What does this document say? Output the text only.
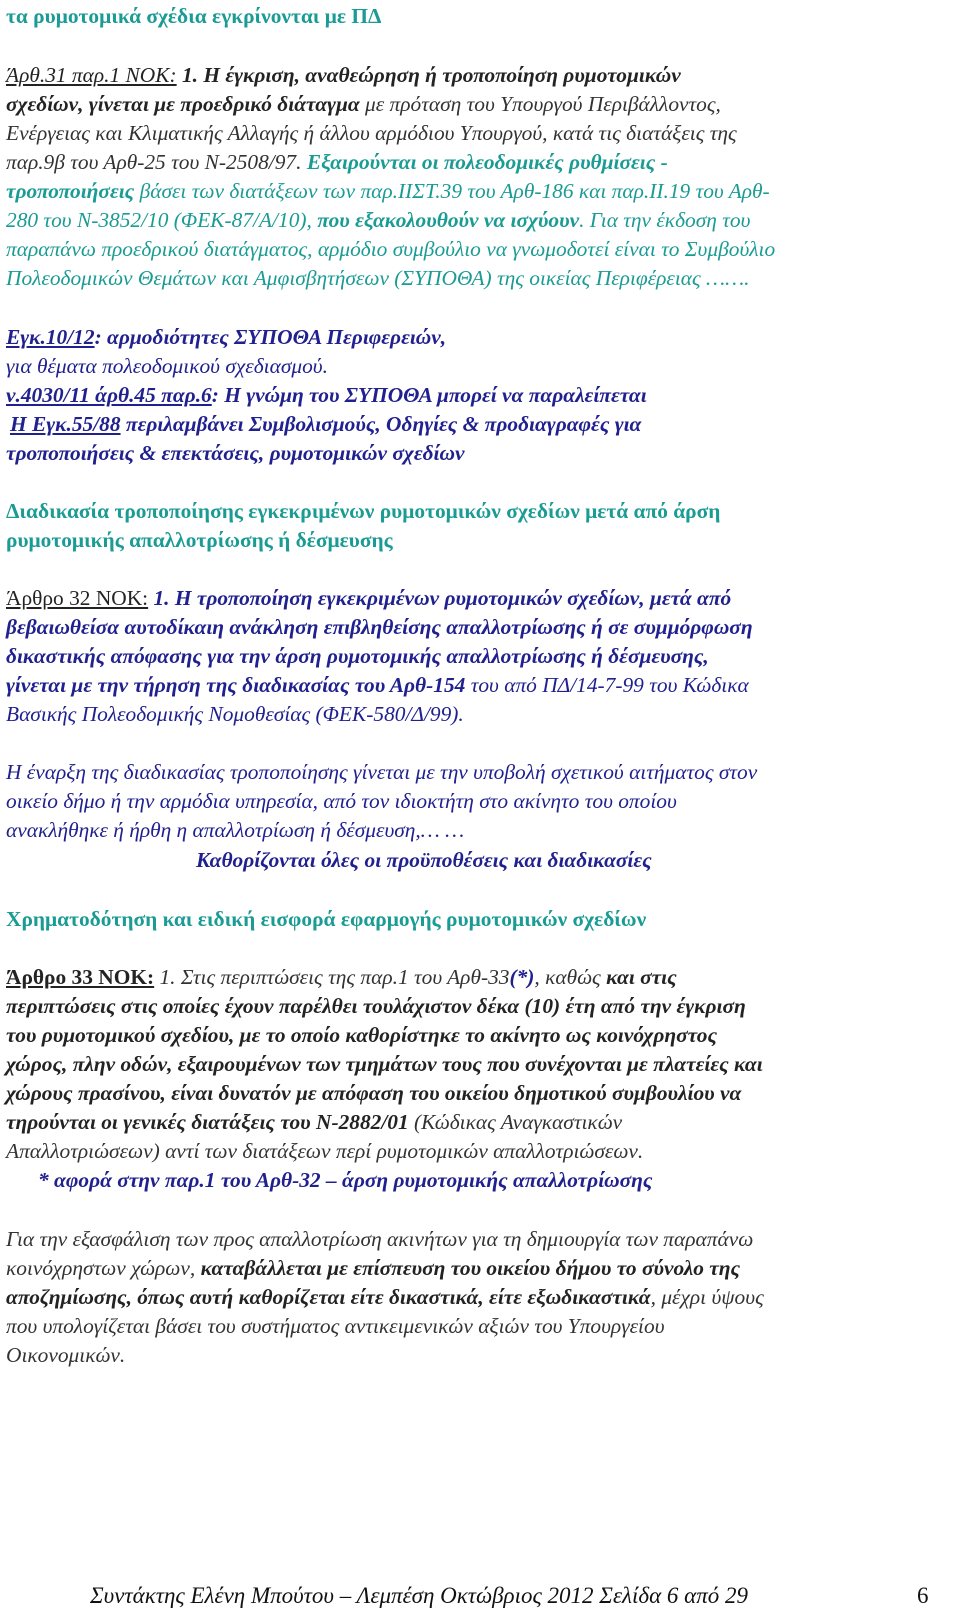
τα ρυμοτομικά σχέδια εγκρίνονται με ΠΔ
Άρθ.31 παρ.1 ΝΟΚ: 1. Η έγκριση, αναθεώρηση ή τροποποίηση ρυμοτομικών
σχεδίων, γίνεται με προεδρικό διάταγμα με πρόταση του Υπουργού Περιβάλλοντος,
Ενέργειας και Κλιματικής Αλλαγής ή άλλου αρμόδιου Υπουργού, κατά τις διατάξεις της
παρ.9β του Αρθ-25 του Ν-2508/97. Εξαιρούνται οι πολεοδομικές ρυθμίσεις -
τροποποιήσεις βάσει των διατάξεων των παρ.ΙΙΣΤ.39 του Αρθ-186 και παρ.ΙΙ.19 του Αρθ-
280 του Ν-3852/10 (ΦΕΚ-87/Α/10), που εξακολουθούν να ισχύουν. Για την έκδοση του
παραπάνω προεδρικού διατάγματος, αρμόδιο συμβούλιο να γνωμοδοτεί είναι το Συμβούλιο
Πολεοδομικών Θεμάτων και Αμφισβητήσεων (ΣΥΠΟΘΑ) της οικείας Περιφέρειας …….
Εγκ.10/12: αρμοδιότητες ΣΥΠΟΘΑ Περιφερειών,
για θέματα πολεοδομικού σχεδιασμού.
ν.4030/11 άρθ.45 παρ.6: Η γνώμη του ΣΥΠΟΘΑ μπορεί να παραλείπεται
Η Εγκ.55/88 περιλαμβάνει Συμβολισμούς, Οδηγίες & προδιαγραφές για
τροποποιήσεις & επεκτάσεις, ρυμοτομικών σχεδίων
Διαδικασία τροποποίησης εγκεκριμένων ρυμοτομικών σχεδίων μετά από άρση
ρυμοτομικής απαλλοτρίωσης ή δέσμευσης
Άρθρο 32 ΝΟΚ: 1. Η τροποποίηση εγκεκριμένων ρυμοτομικών σχεδίων, μετά από
βεβαιωθείσα αυτοδίκαιη ανάκληση επιβληθείσης απαλλοτρίωσης ή σε συμμόρφωση
δικαστικής απόφασης για την άρση ρυμοτομικής απαλλοτρίωσης ή δέσμευσης,
γίνεται με την τήρηση της διαδικασίας του Αρθ-154 του από ΠΔ/14-7-99 του Κώδικα
Βασικής Πολεοδομικής Νομοθεσίας (ΦΕΚ-580/Δ/99).
Η έναρξη της διαδικασίας τροποποίησης γίνεται με την υποβολή σχετικού αιτήματος στον
οικείο δήμο ή την αρμόδια υπηρεσία, από τον ιδιοκτήτη στο ακίνητο του οποίου
ανακλήθηκε ή ήρθη η απαλλοτρίωση ή δέσμευση,… …
Καθορίζονται όλες οι προϋποθέσεις και διαδικασίες
Χρηματοδότηση και ειδική εισφορά εφαρμογής ρυμοτομικών σχεδίων
Άρθρο 33 ΝΟΚ: 1. Στις περιπτώσεις της παρ.1 του Αρθ-33(*), καθώς και στις
περιπτώσεις στις οποίες έχουν παρέλθει τουλάχιστον δέκα (10) έτη από την έγκριση
του ρυμοτομικού σχεδίου, με το οποίο καθορίστηκε το ακίνητο ως κοινόχρηστος
χώρος, πλην οδών, εξαιρουμένων των τμημάτων τους που συνέχονται με πλατείες και
χώρους πρασίνου, είναι δυνατόν με απόφαση του οικείου δημοτικού συμβουλίου να
τηρούνται οι γενικές διατάξεις του Ν-2882/01 (Κώδικας Αναγκαστικών
Απαλλοτριώσεων) αντί των διατάξεων περί ρυμοτομικών απαλλοτριώσεων.
* αφορά στην παρ.1 του Αρθ-32 – άρση ρυμοτομικής απαλλοτρίωσης
Για την εξασφάλιση των προς απαλλοτρίωση ακινήτων για τη δημιουργία των παραπάνω
κοινόχρηστων χώρων, καταβάλλεται με επίσπευση του οικείου δήμου το σύνολο της
αποζημίωσης, όπως αυτή καθορίζεται είτε δικαστικά, είτε εξωδικαστικά, μέχρι ύψους
που υπολογίζεται βάσει του συστήματος αντικειμενικών αξιών του Υπουργείου
Οικονομικών.
Συντάκτης Ελένη Μπούτου – Λεμπέση Οκτώβριος 2012 Σελίδα 6 από 29	6
